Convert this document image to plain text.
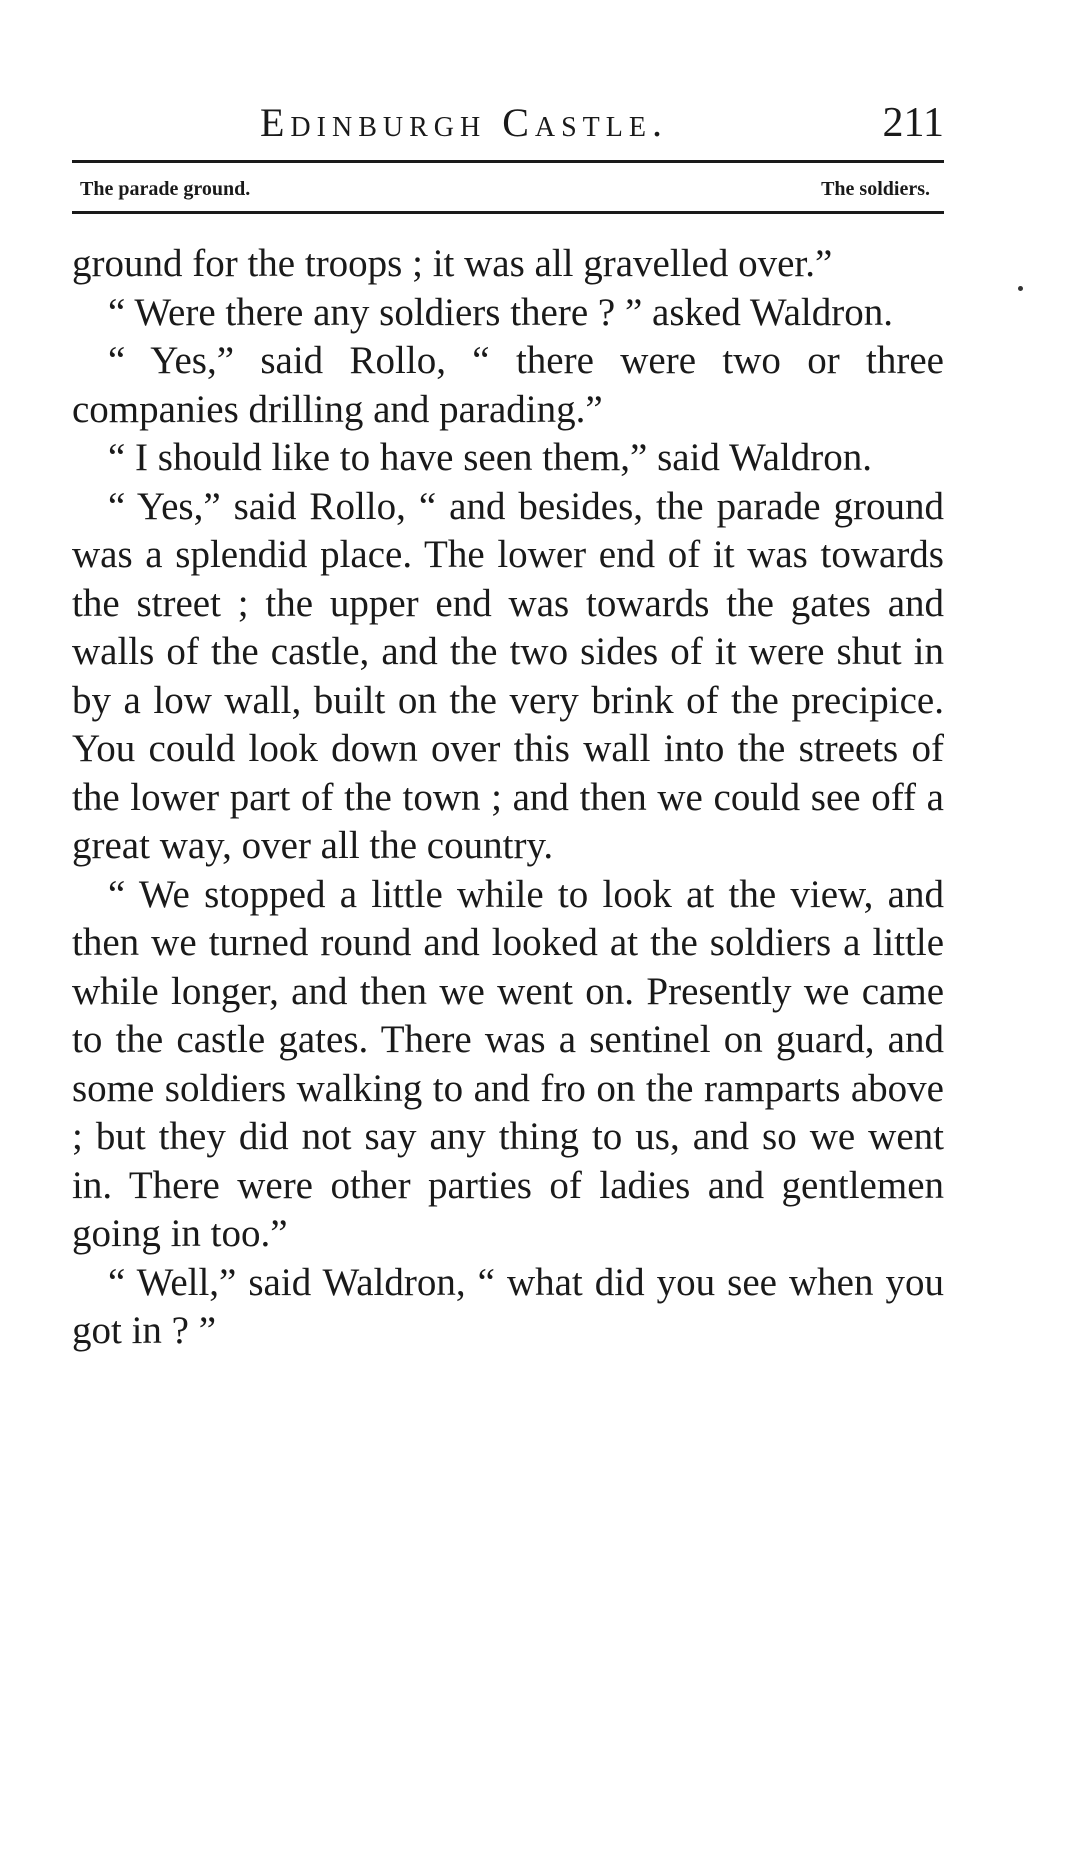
Edinburgh Castle.	211
The parade ground.	The soldiers.

ground for the troops ; it was all gravelled over.”

“ Were there any soldiers there ? ” asked Waldron.

“ Yes,” said Rollo, “ there were two or three companies drilling and parading.”

“ I should like to have seen them,” said Waldron.

“ Yes,” said Rollo, “ and besides, the parade ground was a splendid place. The lower end of it was towards the street ; the upper end was towards the gates and walls of the castle, and the two sides of it were shut in by a low wall, built on the very brink of the precipice. You could look down over this wall into the streets of the lower part of the town ; and then we could see off a great way, over all the country.

“ We stopped a little while to look at the view, and then we turned round and looked at the soldiers a little while longer, and then we went on. Presently we came to the castle gates. There was a sentinel on guard, and some soldiers walking to and fro on the ramparts above ; but they did not say any thing to us, and so we went in. There were other parties of ladies and gentlemen going in too.”

“ Well,” said Waldron, “ what did you see when you got in ? ”
